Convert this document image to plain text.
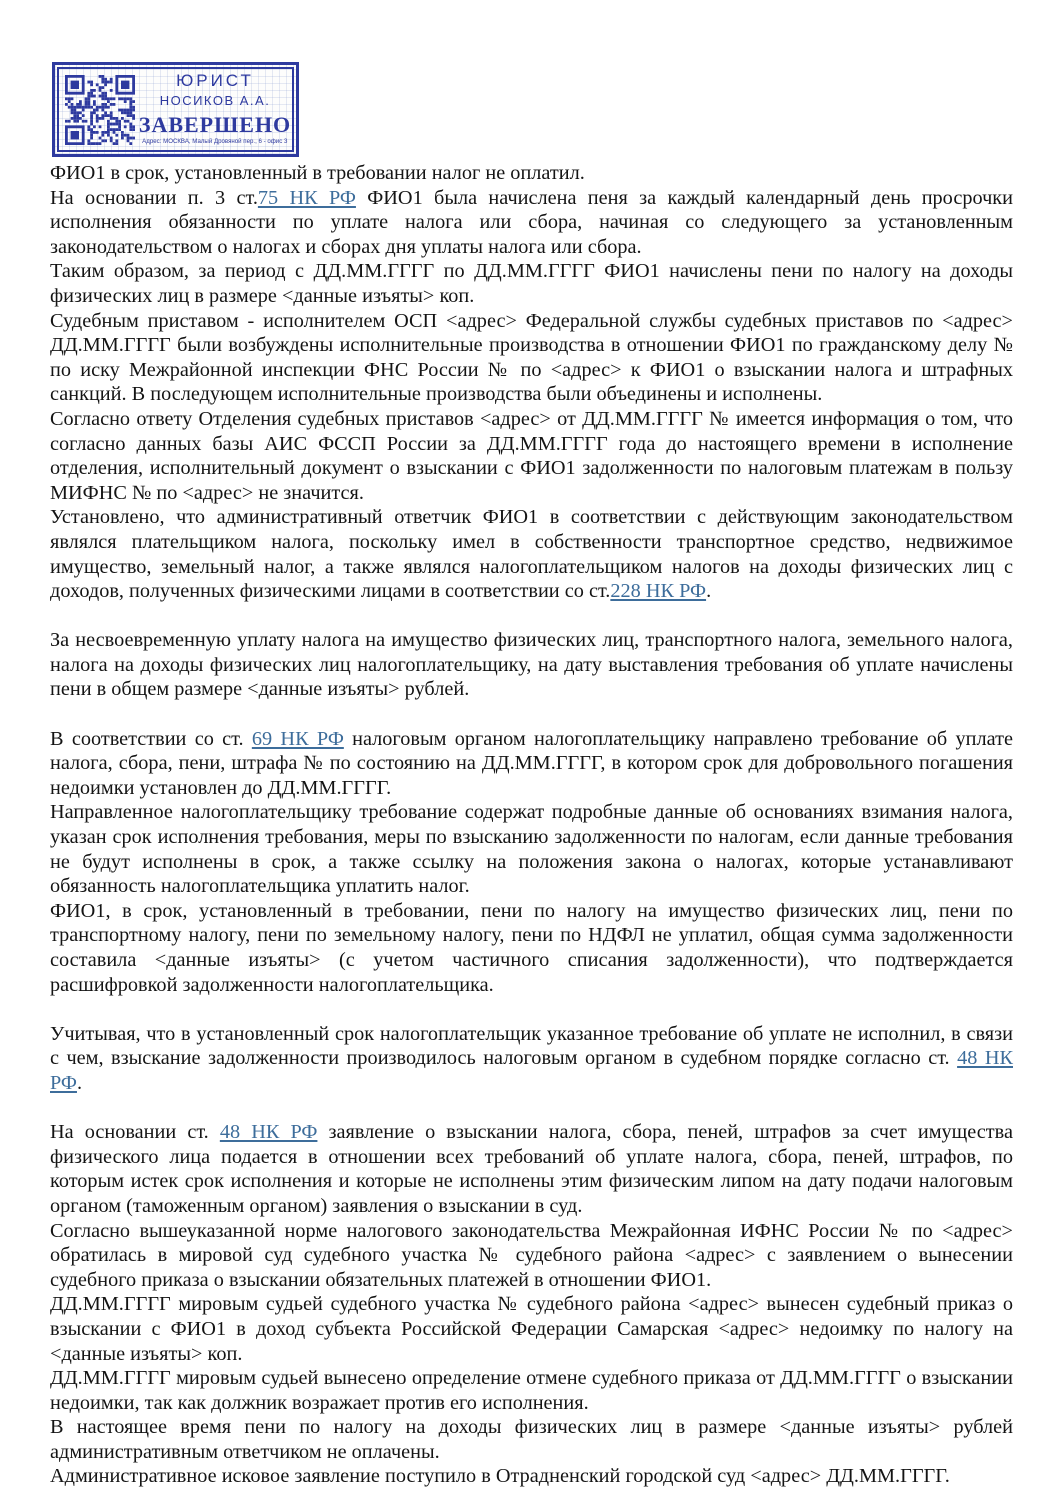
ЮРИСТ
НОСИКОВ А.А.
ЗАВЕРШЕНО
Адрес: МОСКВА, Малый Дровяной пер., 6 - офис 3

ФИО1 в срок, установленный в требовании налог не оплатил.

На основании п. 3 ст.75 НК РФ ФИО1 была начислена пеня за каждый календарный день просрочки исполнения обязанности по уплате налога или сбора, начиная со следующего за установленным законодательством о налогах и сборах дня уплаты налога или сбора.

Таким образом, за период с ДД.ММ.ГГГГ по ДД.ММ.ГГГГ ФИО1 начислены пени по налогу на доходы физических лиц в размере <данные изъяты> коп.

Судебным приставом - исполнителем ОСП <адрес> Федеральной службы судебных приставов по <адрес> ДД.ММ.ГГГГ были возбуждены исполнительные производства в отношении ФИО1 по гражданскому делу № по иску Межрайонной инспекции ФНС России № по <адрес> к ФИО1 о взыскании налога и штрафных санкций. В последующем исполнительные производства были объединены и исполнены.

Согласно ответу Отделения судебных приставов <адрес> от ДД.ММ.ГГГГ № имеется информация о том, что согласно данных базы АИС ФССП России за ДД.ММ.ГГГГ года до настоящего времени в исполнение отделения, исполнительный документ о взыскании с ФИО1 задолженности по налоговым платежам в пользу МИФНС № по <адрес> не значится.

Установлено, что административный ответчик ФИО1 в соответствии с действующим законодательством являлся плательщиком налога, поскольку имел в собственности транспортное средство, недвижимое имущество, земельный налог, а также являлся налогоплательщиком налогов на доходы физических лиц с доходов, полученных физическими лицами в соответствии со ст.228 НК РФ.

За несвоевременную уплату налога на имущество физических лиц, транспортного налога, земельного налога, налога на доходы физических лиц налогоплательщику, на дату выставления требования об уплате начислены пени в общем размере <данные изъяты> рублей.

В соответствии со ст. 69 НК РФ налоговым органом налогоплательщику направлено требование об уплате налога, сбора, пени, штрафа № по состоянию на ДД.ММ.ГГГГ, в котором срок для добровольного погашения недоимки установлен до ДД.ММ.ГГГГ.

Направленное налогоплательщику требование содержат подробные данные об основаниях взимания налога, указан срок исполнения требования, меры по взысканию задолженности по налогам, если данные требования не будут исполнены в срок, а также ссылку на положения закона о налогах, которые устанавливают обязанность налогоплательщика уплатить налог.

ФИО1, в срок, установленный в требовании, пени по налогу на имущество физических лиц, пени по транспортному налогу, пени по земельному налогу, пени по НДФЛ не уплатил, общая сумма задолженности составила <данные изъяты> (с учетом частичного списания задолженности), что подтверждается расшифровкой задолженности налогоплательщика.

Учитывая, что в установленный срок налогоплательщик указанное требование об уплате не исполнил, в связи с чем, взыскание задолженности производилось налоговым органом в судебном порядке согласно ст. 48 НК РФ.

На основании ст. 48 НК РФ заявление о взыскании налога, сбора, пеней, штрафов за счет имущества физического лица подается в отношении всех требований об уплате налога, сбора, пеней, штрафов, по которым истек срок исполнения и которые не исполнены этим физическим липом на дату подачи налоговым органом (таможенным органом) заявления о взыскании в суд.

Согласно вышеуказанной норме налогового законодательства Межрайонная ИФНС России № по <адрес> обратилась в мировой суд судебного участка № судебного района <адрес> с заявлением о вынесении судебного приказа о взыскании обязательных платежей в отношении ФИО1.

ДД.ММ.ГГГГ мировым судьей судебного участка № судебного района <адрес> вынесен судебный приказ о взыскании с ФИО1 в доход субъекта Российской Федерации Самарская <адрес> недоимку по налогу на <данные изъяты> коп.

ДД.ММ.ГГГГ мировым судьей вынесено определение отмене судебного приказа от ДД.ММ.ГГГГ о взыскании недоимки, так как должник возражает против его исполнения.

В настоящее время пени по налогу на доходы физических лиц в размере <данные изъяты> рублей административным ответчиком не оплачены.

Административное исковое заявление поступило в Отрадненский городской суд <адрес> ДД.ММ.ГГГГ.
